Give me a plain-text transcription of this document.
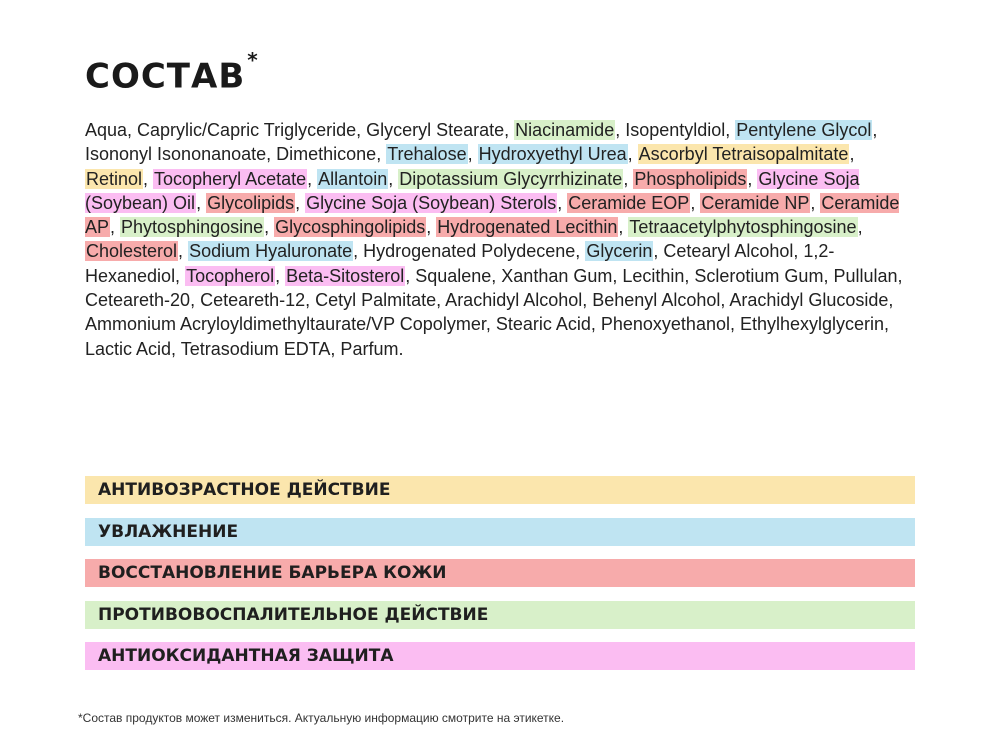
СОСТАВ *

Aqua, Caprylic/Capric Triglyceride, Glyceryl Stearate, Niacinamide, Isopentyldiol, Pentylene Glycol, Isononyl Isononanoate, Dimethicone, Trehalose, Hydroxyethyl Urea, Ascorbyl Tetraisopalmitate, Retinol, Tocopheryl Acetate, Allantoin, Dipotassium Glycyrrhizinate, Phospholipids, Glycine Soja (Soybean) Oil, Glycolipids, Glycine Soja (Soybean) Sterols, Ceramide EOP, Ceramide NP, Ceramide AP, Phytosphingosine, Glycosphingolipids, Hydrogenated Lecithin, Tetraacetylphytosphingosine, Cholesterol, Sodium Hyaluronate, Hydrogenated Polydecene, Glycerin, Cetearyl Alcohol, 1,2-Hexanediol, Tocopherol, Beta-Sitosterol, Squalene, Xanthan Gum, Lecithin, Sclerotium Gum, Pullulan, Ceteareth-20, Ceteareth-12, Cetyl Palmitate, Arachidyl Alcohol, Behenyl Alcohol, Arachidyl Glucoside, Ammonium Acryloyldimethyltaurate/VP Copolymer, Stearic Acid, Phenoxyethanol, Ethylhexylglycerin, Lactic Acid, Tetrasodium EDTA, Parfum.

АНТИВОЗРАСТНОЕ ДЕЙСТВИЕ
УВЛАЖНЕНИЕ
ВОССТАНОВЛЕНИЕ БАРЬЕРА КОЖИ
ПРОТИВОВОСПАЛИТЕЛЬНОЕ ДЕЙСТВИЕ
АНТИОКСИДАНТНАЯ ЗАЩИТА

*Состав продуктов может измениться. Актуальную информацию смотрите на этикетке.
